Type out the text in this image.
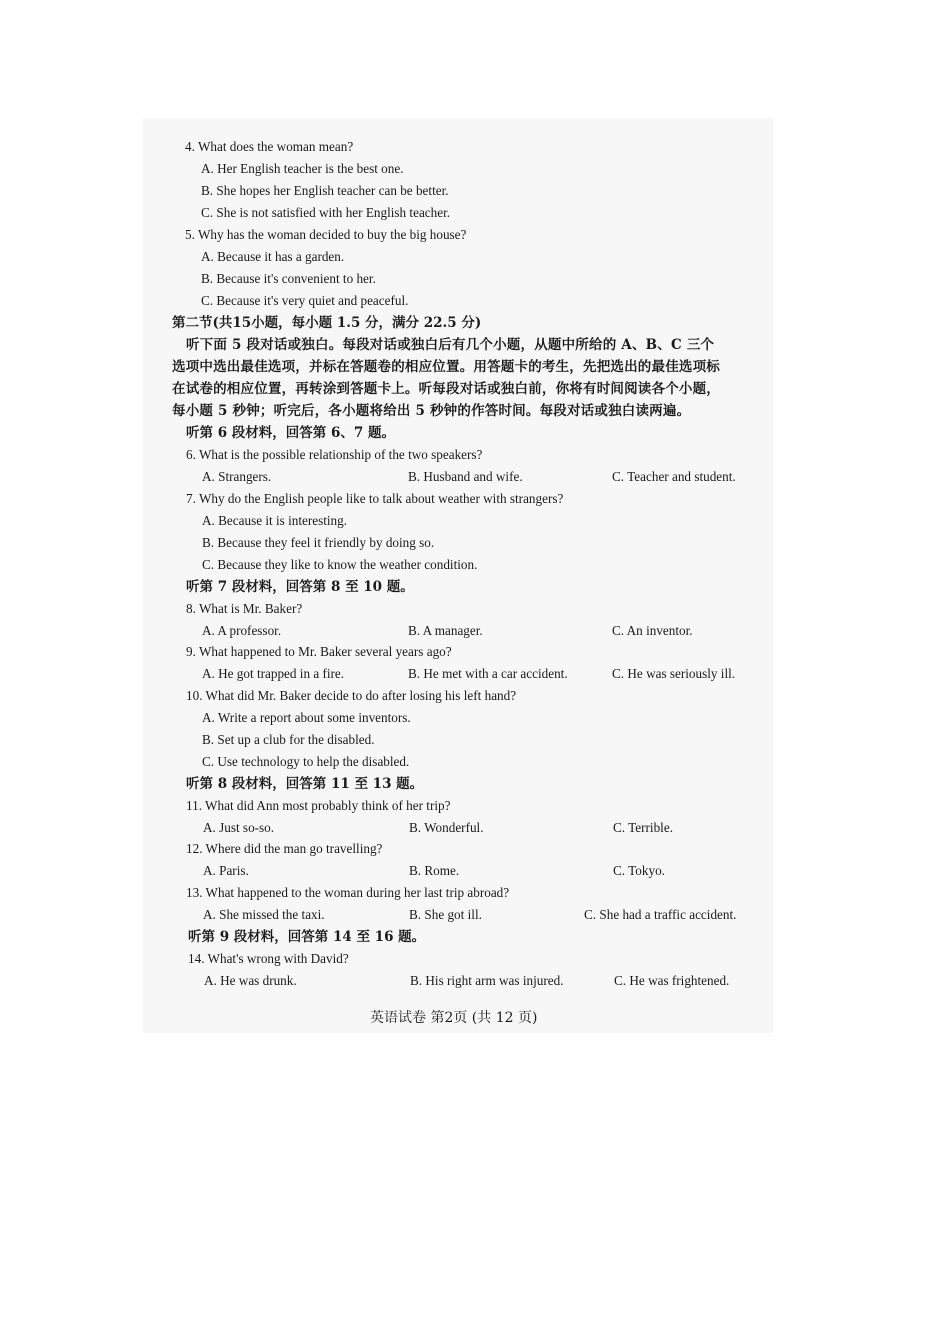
4. What does the woman mean?
A. Her English teacher is the best one.
B. She hopes her English teacher can be better.
C. She is not satisfied with her English teacher.
5. Why has the woman decided to buy the big house?
A. Because it has a garden.
B. Because it's convenient to her.
C. Because it's very quiet and peaceful.
第二节(共15小题，每小题 1.5 分，满分 22.5 分)
听下面 5 段对话或独白。每段对话或独白后有几个小题，从题中所给的 A、B、C 三个
选项中选出最佳选项，并标在答题卷的相应位置。用答题卡的考生，先把选出的最佳选项标
在试卷的相应位置，再转涂到答题卡上。听每段对话或独白前，你将有时间阅读各个小题，
每小题 5 秒钟；听完后，各小题将给出 5 秒钟的作答时间。每段对话或独白读两遍。
听第 6 段材料，回答第 6、7 题。
6. What is the possible relationship of the two speakers?
A. Strangers.	B. Husband and wife.	C. Teacher and student.
7. Why do the English people like to talk about weather with strangers?
A. Because it is interesting.
B. Because they feel it friendly by doing so.
C. Because they like to know the weather condition.
听第 7 段材料，回答第 8 至 10 题。
8. What is Mr. Baker?
A. A professor.	B. A manager.	C. An inventor.
9. What happened to Mr. Baker several years ago?
A. He got trapped in a fire.	B. He met with a car accident.	C. He was seriously ill.
10. What did Mr. Baker decide to do after losing his left hand?
A. Write a report about some inventors.
B. Set up a club for the disabled.
C. Use technology to help the disabled.
听第 8 段材料，回答第 11 至 13 题。
11. What did Ann most probably think of her trip?
A. Just so-so.	B. Wonderful.	C. Terrible.
12. Where did the man go travelling?
A. Paris.	B. Rome.	C. Tokyo.
13. What happened to the woman during her last trip abroad?
A. She missed the taxi.	B. She got ill.	C. She had a traffic accident.
听第 9 段材料，回答第 14 至 16 题。
14. What's wrong with David?
A. He was drunk.	B. His right arm was injured.	C. He was frightened.
英语试卷 第2页 (共 12 页)
